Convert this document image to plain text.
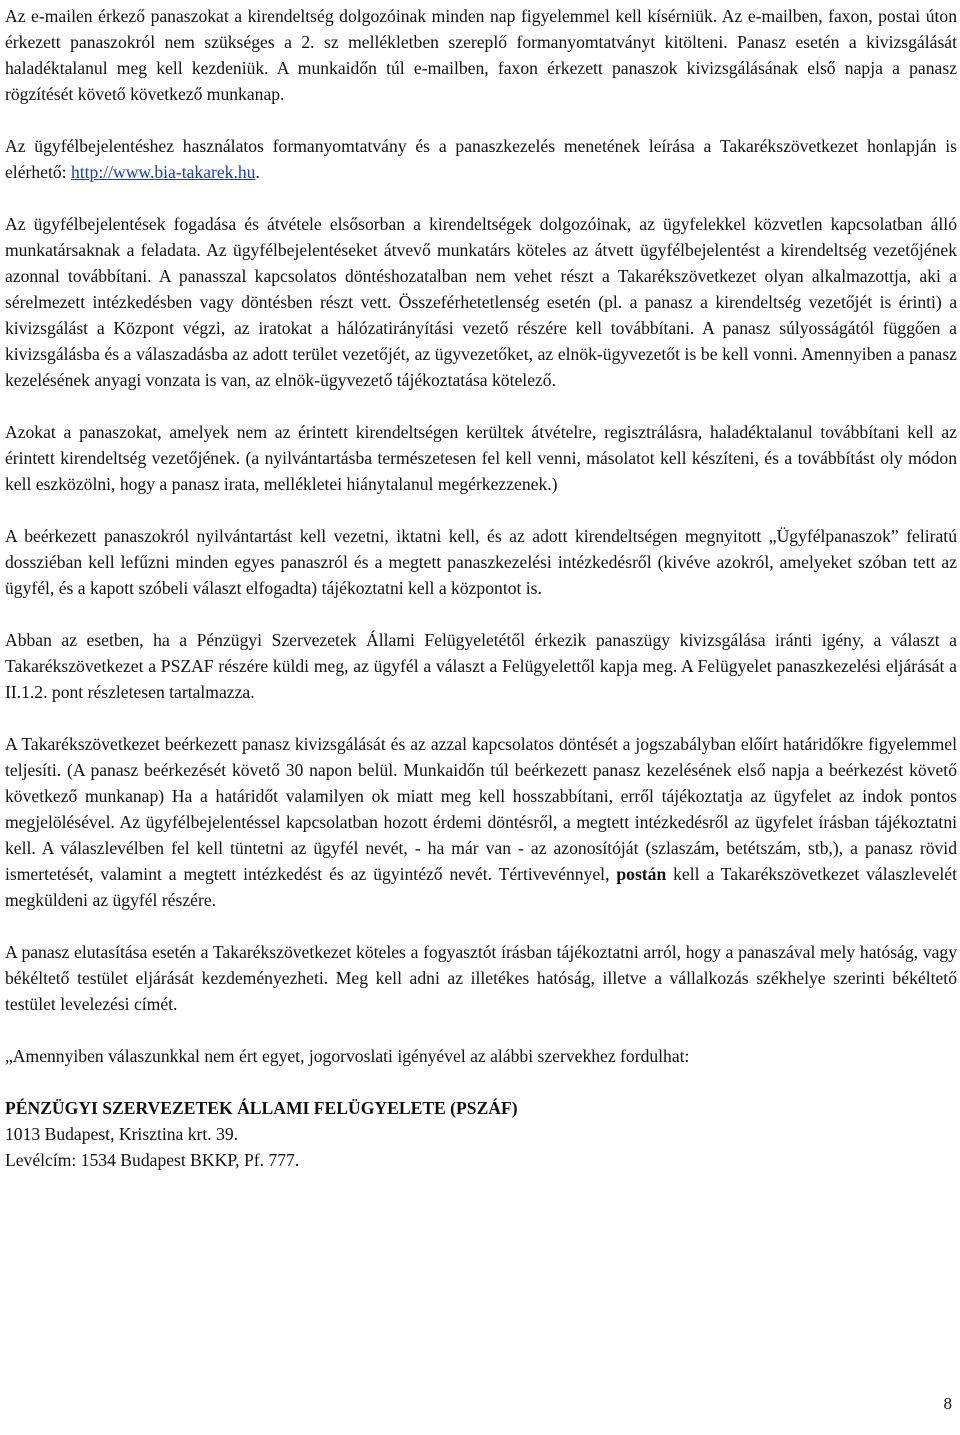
Az e-mailen érkező panaszokat a kirendeltség dolgozóinak minden nap figyelemmel kell kísérniük. Az e-mailben, faxon, postai úton érkezett panaszokról nem szükséges a 2. sz mellékletben szereplő formanyomtatványt kitölteni. Panasz esetén a kivizsgálását haladéktalanul meg kell kezdeniük. A munkaidőn túl e-mailben, faxon érkezett panaszok kivizsgálásának első napja a panasz rögzítését követő következő munkanap.

Az ügyfélbejelentéshez használatos formanyomtatvány és a panaszkezelés menetének leírása a Takarékszövetkezet honlapján is elérhető: http://www.bia-takarek.hu.

Az ügyfélbejelentések fogadása és átvétele elsősorban a kirendeltségek dolgozóinak, az ügyfelekkel közvetlen kapcsolatban álló munkatársaknak a feladata. Az ügyfélbejelentéseket átvevő munkatárs köteles az átvett ügyfélbejelentést a kirendeltség vezetőjének azonnal továbbítani. A panasszal kapcsolatos döntéshozatalban nem vehet részt a Takarékszövetkezet olyan alkalmazottja, aki a sérelmezett intézkedésben vagy döntésben részt vett. Összeférhetetlenség esetén (pl. a panasz a kirendeltség vezetőjét is érinti) a kivizsgálást a Központ végzi, az iratokat a hálózatirányítási vezető részére kell továbbítani. A panasz súlyosságától függően a kivizsgálásba és a válaszadásba az adott terület vezetőjét, az ügyvezetőket, az elnök-ügyvezetőt is be kell vonni. Amennyiben a panasz kezelésének anyagi vonzata is van, az elnök-ügyvezető tájékoztatása kötelező.

Azokat a panaszokat, amelyek nem az érintett kirendeltségen kerültek átvételre, regisztrálásra, haladéktalanul továbbítani kell az érintett kirendeltség vezetőjének. (a nyilvántartásba természetesen fel kell venni, másolatot kell készíteni, és a továbbítást oly módon kell eszközölni, hogy a panasz irata, mellékletei hiánytalanul megérkezzenek.)

A beérkezett panaszokról nyilvántartást kell vezetni, iktatni kell, és az adott kirendeltségen megnyitott „Ügyfélpanaszok” feliratú dossziéban kell lefűzni minden egyes panaszról és a megtett panaszkezelési intézkedésről (kivéve azokról, amelyeket szóban tett az ügyfél, és a kapott szóbeli választ elfogadta) tájékoztatni kell a központot is.

Abban az esetben, ha a Pénzügyi Szervezetek Állami Felügyeletétől érkezik panaszügy kivizsgálása iránti igény, a választ a Takarékszövetkezet a PSZAF részére küldi meg, az ügyfél a választ a Felügyelettől kapja meg. A Felügyelet panaszkezelési eljárását a II.1.2. pont részletesen tartalmazza.

A Takarékszövetkezet beérkezett panasz kivizsgálását és az azzal kapcsolatos döntését a jogszabályban előírt határidőkre figyelemmel teljesíti. (A panasz beérkezését követő 30 napon belül. Munkaidőn túl beérkezett panasz kezelésének első napja a beérkezést követő következő munkanap) Ha a határidőt valamilyen ok miatt meg kell hosszabbítani, erről tájékoztatja az ügyfelet az indok pontos megjelölésével. Az ügyfélbejelentéssel kapcsolatban hozott érdemi döntésről, a megtett intézkedésről az ügyfelet írásban tájékoztatni kell. A válaszlevélben fel kell tüntetni az ügyfél nevét, - ha már van - az azonosítóját (szlaszám, betétszám, stb,), a panasz rövid ismertetését, valamint a megtett intézkedést és az ügyintéző nevét. Tértivevénnyel, postán kell a Takarékszövetkezet válaszlevelét megküldeni az ügyfél részére.

A panasz elutasítása esetén a Takarékszövetkezet köteles a fogyasztót írásban tájékoztatni arról, hogy a panaszával mely hatóság, vagy békéltető testület eljárását kezdeményezheti. Meg kell adni az illetékes hatóság, illetve a vállalkozás székhelye szerinti békéltető testület levelezési címét.

„Amennyiben válaszunkkal nem ért egyet, jogorvoslati igényével az alábbi szervekhez fordulhat:

PÉNZÜGYI SZERVEZETEK ÁLLAMI FELÜGYELETE (PSZÁF)

1013 Budapest, Krisztina krt. 39.

Levélcím: 1534 Budapest BKKP, Pf. 777.

8
